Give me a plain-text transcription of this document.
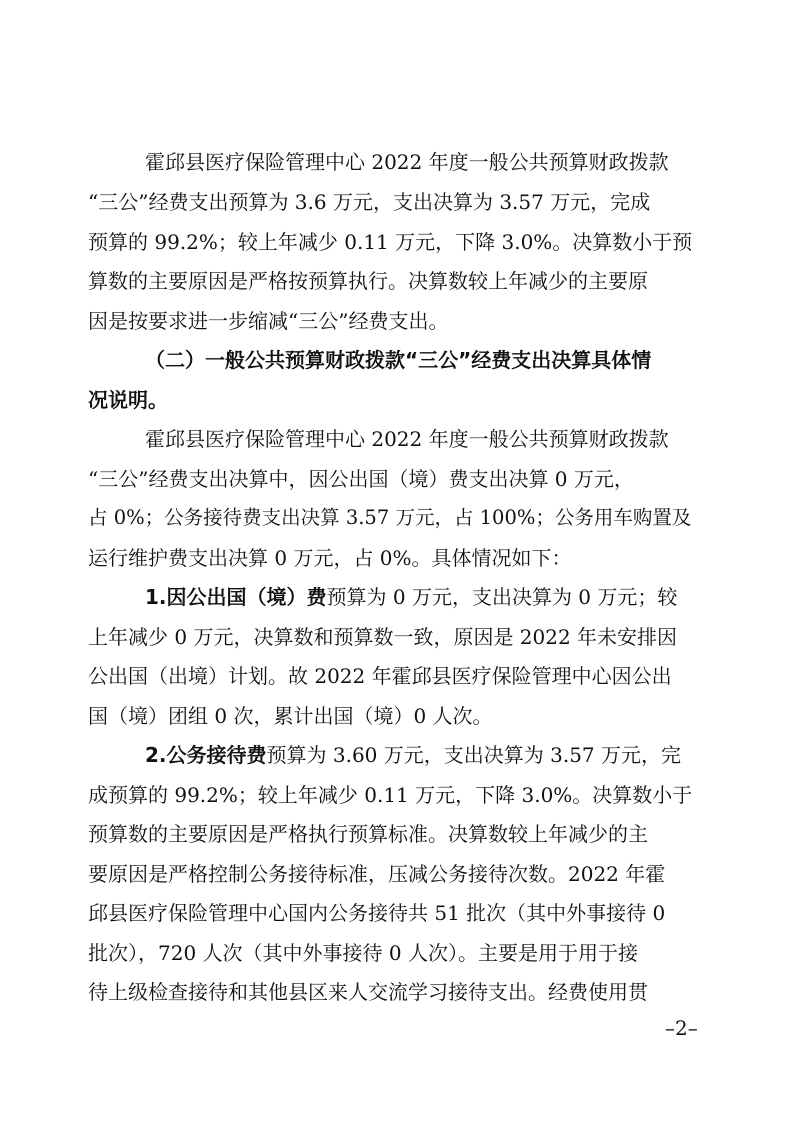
霍邱县医疗保险管理中心 2022 年度一般公共预算财政拨款
“三公”经费支出预算为 3.6 万元，支出决算为 3.57 万元，完成
预算的 99.2%；较上年减少 0.11 万元，下降 3.0%。决算数小于预
算数的主要原因是严格按预算执行。决算数较上年减少的主要原
因是按要求进一步缩减“三公”经费支出。
（二）一般公共预算财政拨款“三公”经费支出决算具体情
况说明。
霍邱县医疗保险管理中心 2022 年度一般公共预算财政拨款
“三公”经费支出决算中，因公出国（境）费支出决算 0 万元，
占 0%；公务接待费支出决算 3.57 万元，占 100%；公务用车购置及
运行维护费支出决算 0 万元，占 0%。具体情况如下：
1.因公出国（境）费预算为 0 万元，支出决算为 0 万元；较
上年减少 0 万元，决算数和预算数一致，原因是 2022 年未安排因
公出国（出境）计划。故 2022 年霍邱县医疗保险管理中心因公出
国（境）团组 0 次，累计出国（境）0 人次。
2.公务接待费预算为 3.60 万元，支出决算为 3.57 万元，完
成预算的 99.2%；较上年减少 0.11 万元，下降 3.0%。决算数小于
预算数的主要原因是严格执行预算标准。决算数较上年减少的主
要原因是严格控制公务接待标准，压减公务接待次数。2022 年霍
邱县医疗保险管理中心国内公务接待共 51 批次（其中外事接待 0
批次），720 人次（其中外事接待 0 人次）。主要是用于用于接
待上级检查接待和其他县区来人交流学习接待支出。经费使用贯
–2–
